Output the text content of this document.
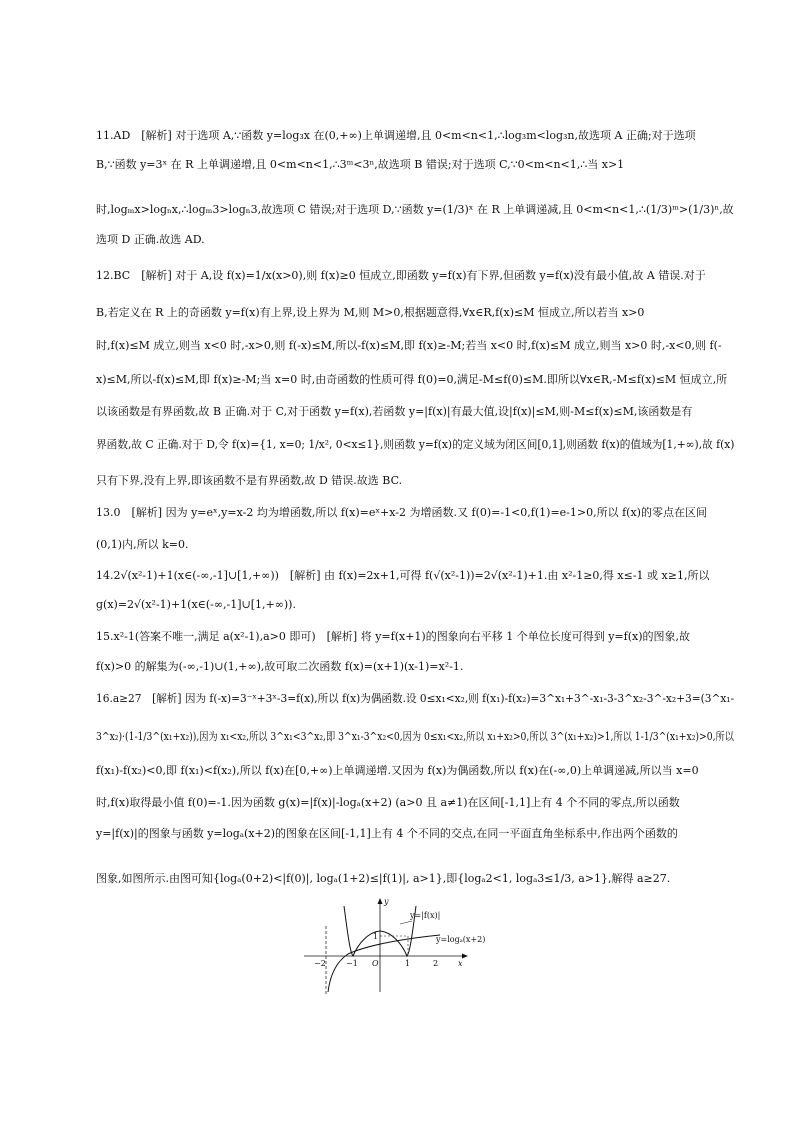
11.AD　[解析] 对于选项 A,∵函数 y=log₃x 在(0,+∞)上单调递增,且 0<m<n<1,∴log₃m<log₃n,故选项 A 正确;对于选项
B,∵函数 y=3ˣ 在 R 上单调递增,且 0<m<n<1,∴3ᵐ<3ⁿ,故选项 B 错误;对于选项 C,∵0<m<n<1,∴当 x>1
时,logₘx>logₙx,∴logₘ3>logₙ3,故选项 C 错误;对于选项 D,∵函数 y=(1/3)ˣ 在 R 上单调递减,且 0<m<n<1,∴(1/3)ᵐ>(1/3)ⁿ,故
选项 D 正确.故选 AD.
12.BC　[解析] 对于 A,设 f(x)=1/x(x>0),则 f(x)≥0 恒成立,即函数 y=f(x)有下界,但函数 y=f(x)没有最小值,故 A 错误.对于
B,若定义在 R 上的奇函数 y=f(x)有上界,设上界为 M,则 M>0,根据题意得,∀x∈R,f(x)≤M 恒成立,所以若当 x>0
时,f(x)≤M 成立,则当 x<0 时,-x>0,则 f(-x)≤M,所以-f(x)≤M,即 f(x)≥-M;若当 x<0 时,f(x)≤M 成立,则当 x>0 时,-x<0,则 f(-
x)≤M,所以-f(x)≤M,即 f(x)≥-M;当 x=0 时,由奇函数的性质可得 f(0)=0,满足-M≤f(0)≤M.即所以∀x∈R,-M≤f(x)≤M 恒成立,所
以该函数是有界函数,故 B 正确.对于 C,对于函数 y=f(x),若函数 y=|f(x)|有最大值,设|f(x)|≤M,则-M≤f(x)≤M,该函数是有
界函数,故 C 正确.对于 D,令 f(x)={1, x=0; 1/x², 0<x≤1},则函数 y=f(x)的定义域为闭区间[0,1],则函数 f(x)的值域为[1,+∞),故 f(x)
只有下界,没有上界,即该函数不是有界函数,故 D 错误.故选 BC.
13.0　[解析] 因为 y=eˣ,y=x-2 均为增函数,所以 f(x)=eˣ+x-2 为增函数.又 f(0)=-1<0,f(1)=e-1>0,所以 f(x)的零点在区间
(0,1)内,所以 k=0.
14.2√(x²-1)+1(x∈(-∞,-1]∪[1,+∞))　[解析] 由 f(x)=2x+1,可得 f(√(x²-1))=2√(x²-1)+1.由 x²-1≥0,得 x≤-1 或 x≥1,所以
g(x)=2√(x²-1)+1(x∈(-∞,-1]∪[1,+∞)).
15.x²-1(答案不唯一,满足 a(x²-1),a>0 即可)　[解析] 将 y=f(x+1)的图象向右平移 1 个单位长度可得到 y=f(x)的图象,故
f(x)>0 的解集为(-∞,-1)∪(1,+∞),故可取二次函数 f(x)=(x+1)(x-1)=x²-1.
16.a≥27　[解析] 因为 f(-x)=3⁻ˣ+3ˣ-3=f(x),所以 f(x)为偶函数.设 0≤x₁<x₂,则 f(x₁)-f(x₂)=3^x₁+3^-x₁-3-3^x₂-3^-x₂+3=(3^x₁-
3^x₂)·(1-1/3^(x₁+x₂)),因为 x₁<x₂,所以 3^x₁<3^x₂,即 3^x₁-3^x₂<0,因为 0≤x₁<x₂,所以 x₁+x₂>0,所以 3^(x₁+x₂)>1,所以 1-1/3^(x₁+x₂)>0,所以
f(x₁)-f(x₂)<0,即 f(x₁)<f(x₂),所以 f(x)在[0,+∞)上单调递增.又因为 f(x)为偶函数,所以 f(x)在(-∞,0)上单调递减,所以当 x=0
时,f(x)取得最小值 f(0)=-1.因为函数 g(x)=|f(x)|-logₐ(x+2) (a>0 且 a≠1)在区间[-1,1]上有 4 个不同的零点,所以函数
y=|f(x)|的图象与函数 y=logₐ(x+2)的图象在区间[-1,1]上有 4 个不同的交点,在同一平面直角坐标系中,作出两个函数的
图象,如图所示.由图可知{logₐ(0+2)<|f(0)|, logₐ(1+2)≤|f(1)|, a>1},即{logₐ2<1, logₐ3≤1/3, a>1},解得 a≥27.
y=|f(x)|
y=logₐ(x+2)
y
x
O
−2	−1	1	2
1
